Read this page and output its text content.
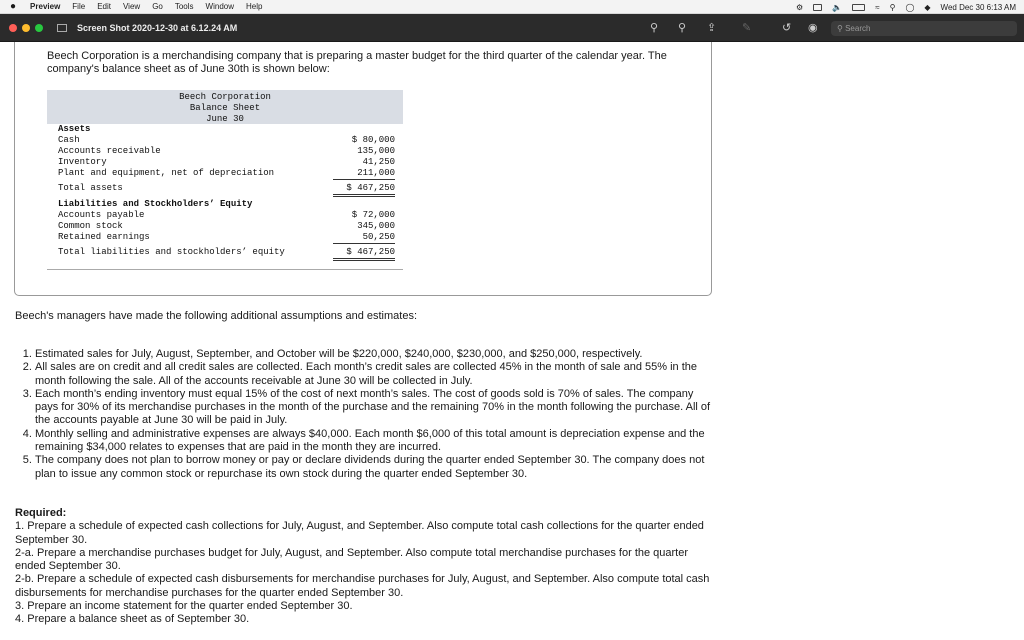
● Preview File Edit View Go Tools Window Help	⚙	🔈	≈ ⚲ ◯ ◆ Wed Dec 30 6:13 AM
Screen Shot 2020-12-30 at 6.12.24 AM	⚲ ⚲ ⇪ ✎	↺ ◉	⚲ Search
Beech Corporation is a merchandising company that is preparing a master budget for the third quarter of the calendar year. The company's balance sheet as of June 30th is shown below:
Beech Corporation
Balance Sheet
June 30
Assets
Cash	$ 80,000
Accounts receivable	135,000
Inventory	41,250
Plant and equipment, net of depreciation	211,000
Total assets	$ 467,250
Liabilities and Stockholders’ Equity
Accounts payable	$ 72,000
Common stock	345,000
Retained earnings	50,250
Total liabilities and stockholders’ equity	$ 467,250
Beech's managers have made the following additional assumptions and estimates:
1. Estimated sales for July, August, September, and October will be $220,000, $240,000, $230,000, and $250,000, respectively.
2. All sales are on credit and all credit sales are collected. Each month’s credit sales are collected 45% in the month of sale and 55% in the month following the sale. All of the accounts receivable at June 30 will be collected in July.
3. Each month’s ending inventory must equal 15% of the cost of next month’s sales. The cost of goods sold is 70% of sales. The company pays for 30% of its merchandise purchases in the month of the purchase and the remaining 70% in the month following the purchase. All of the accounts payable at June 30 will be paid in July.
4. Monthly selling and administrative expenses are always $40,000. Each month $6,000 of this total amount is depreciation expense and the remaining $34,000 relates to expenses that are paid in the month they are incurred.
5. The company does not plan to borrow money or pay or declare dividends during the quarter ended September 30. The company does not plan to issue any common stock or repurchase its own stock during the quarter ended September 30.
Required:
1. Prepare a schedule of expected cash collections for July, August, and September. Also compute total cash collections for the quarter ended September 30.
2-a. Prepare a merchandise purchases budget for July, August, and September. Also compute total merchandise purchases for the quarter ended September 30.
2-b. Prepare a schedule of expected cash disbursements for merchandise purchases for July, August, and September. Also compute total cash disbursements for merchandise purchases for the quarter ended September 30.
3. Prepare an income statement for the quarter ended September 30.
4. Prepare a balance sheet as of September 30.
